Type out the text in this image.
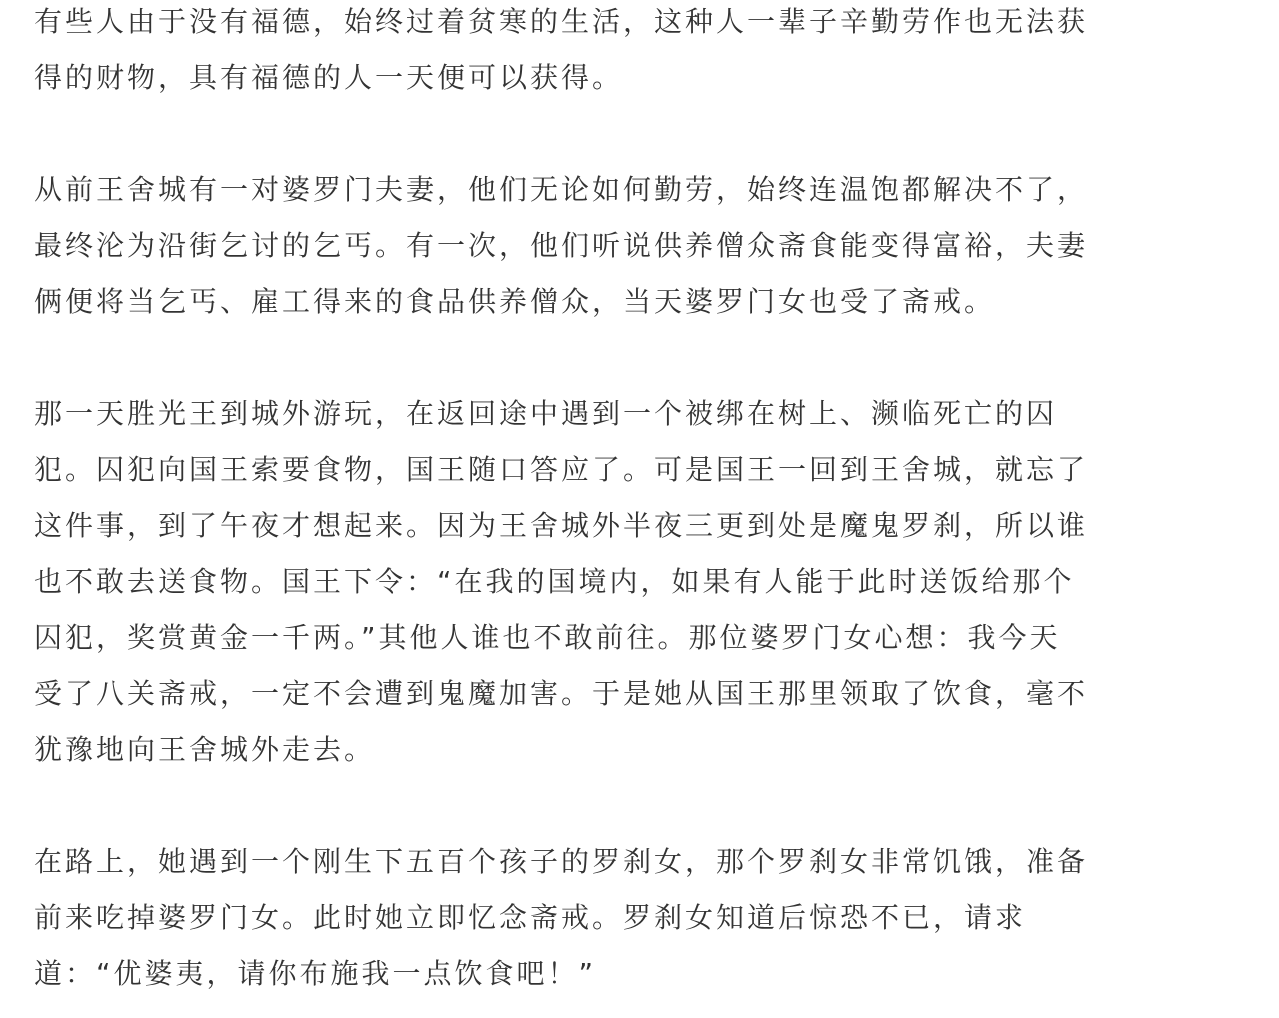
有些人由于没有福德，始终过着贫寒的生活，这种人一辈子辛勤劳作也无法获
得的财物，具有福德的人一天便可以获得。
从前王舍城有一对婆罗门夫妻，他们无论如何勤劳，始终连温饱都解决不了，
最终沦为沿街乞讨的乞丐。有一次，他们听说供养僧众斋食能变得富裕，夫妻
俩便将当乞丐、雇工得来的食品供养僧众，当天婆罗门女也受了斋戒。
那一天胜光王到城外游玩，在返回途中遇到一个被绑在树上、濒临死亡的囚
犯。囚犯向国王索要食物，国王随口答应了。可是国王一回到王舍城，就忘了
这件事，到了午夜才想起来。因为王舍城外半夜三更到处是魔鬼罗刹，所以谁
也不敢去送食物。国王下令：“在我的国境内，如果有人能于此时送饭给那个
囚犯，奖赏黄金一千两。”其他人谁也不敢前往。那位婆罗门女心想：我今天
受了八关斋戒，一定不会遭到鬼魔加害。于是她从国王那里领取了饮食，毫不
犹豫地向王舍城外走去。
在路上，她遇到一个刚生下五百个孩子的罗刹女，那个罗刹女非常饥饿，准备
前来吃掉婆罗门女。此时她立即忆念斋戒。罗刹女知道后惊恐不已，请求
道：“优婆夷，请你布施我一点饮食吧！”
